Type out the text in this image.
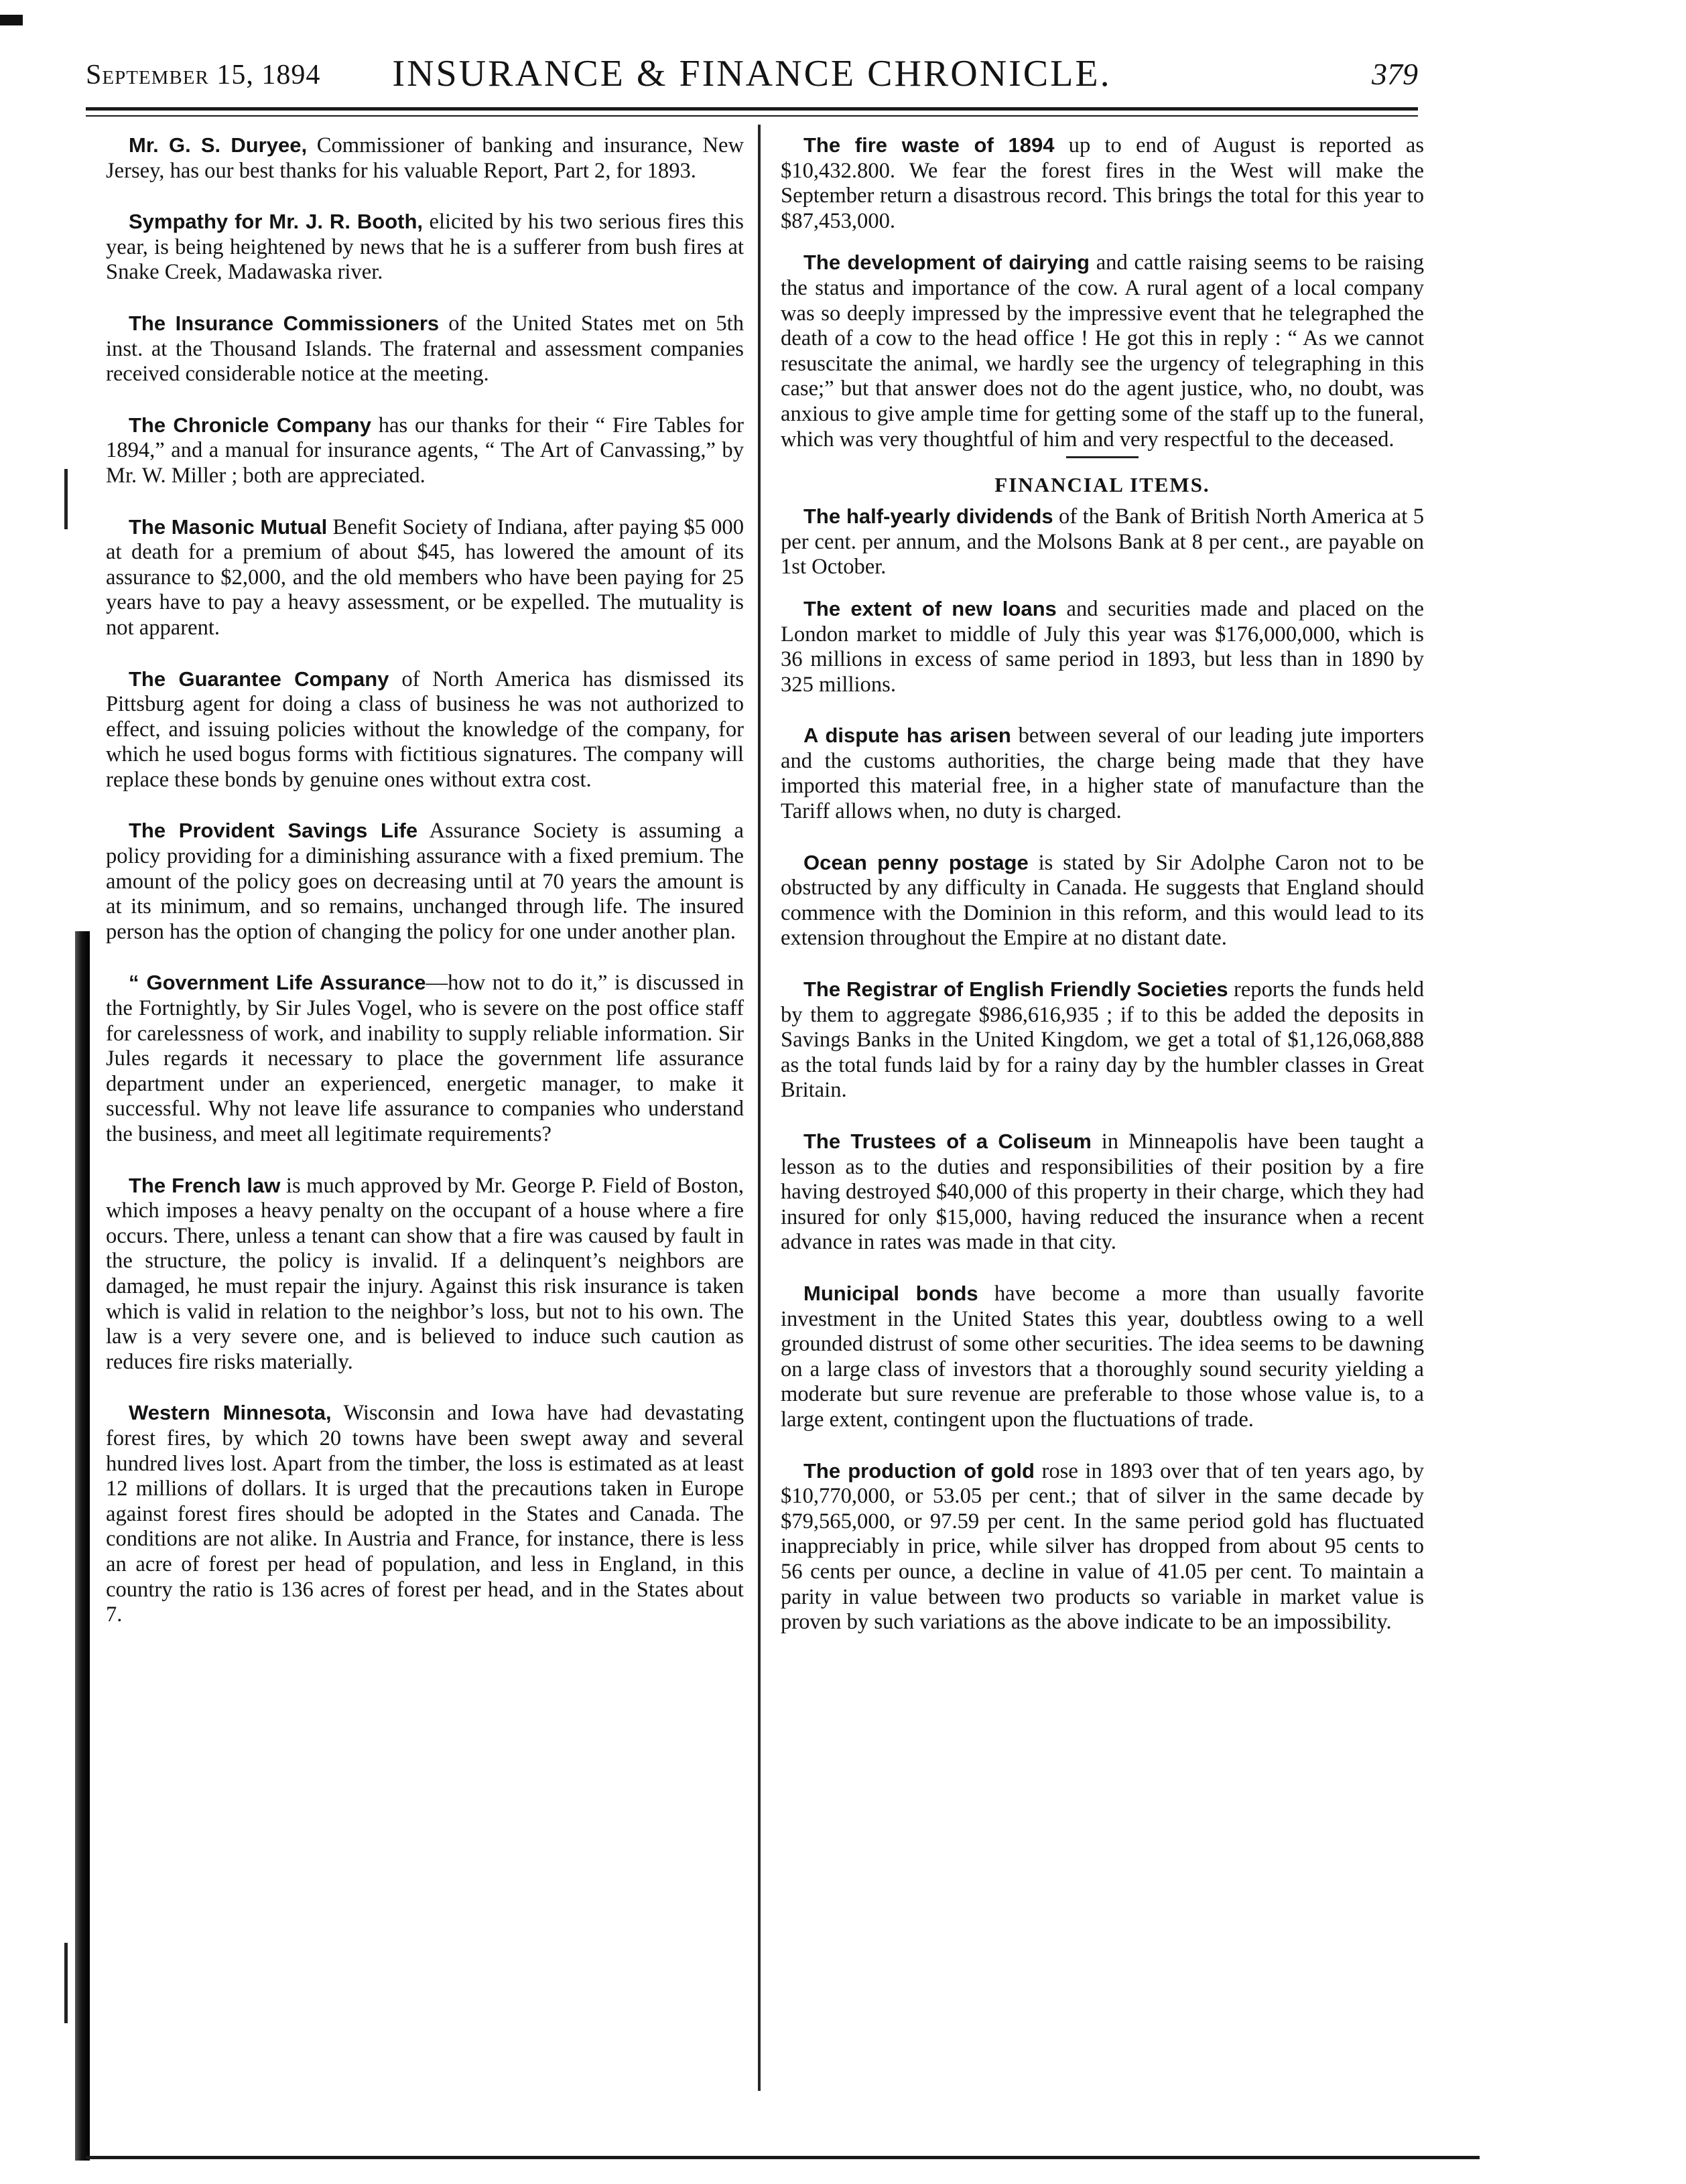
INSURANCE & FINANCE CHRONICLE.
September 15, 1894	379

Mr. G. S. Duryee, Commissioner of banking and insurance, New Jersey, has our best thanks for his valuable Report, Part 2, for 1893.

Sympathy for Mr. J. R. Booth, elicited by his two serious fires this year, is being heightened by news that he is a sufferer from bush fires at Snake Creek, Madawaska river.

The Insurance Commissioners of the United States met on 5th inst. at the Thousand Islands. The fraternal and assessment companies received considerable notice at the meeting.

The Chronicle Company has our thanks for their “ Fire Tables for 1894,” and a manual for insurance agents, “ The Art of Canvassing,” by Mr. W. Miller ; both are appreciated.

The Masonic Mutual Benefit Society of Indiana, after paying $5 000 at death for a premium of about $45, has lowered the amount of its assurance to $2,000, and the old members who have been paying for 25 years have to pay a heavy assessment, or be expelled. The mutuality is not apparent.

The Guarantee Company of North America has dismissed its Pittsburg agent for doing a class of business he was not authorized to effect, and issuing policies without the knowledge of the company, for which he used bogus forms with fictitious signatures. The company will replace these bonds by genuine ones without extra cost.

The Provident Savings Life Assurance Society is assuming a policy providing for a diminishing assurance with a fixed premium. The amount of the policy goes on decreasing until at 70 years the amount is at its minimum, and so remains, unchanged through life. The insured person has the option of changing the policy for one under another plan.

“ Government Life Assurance—how not to do it,” is discussed in the Fortnightly, by Sir Jules Vogel, who is severe on the post office staff for carelessness of work, and inability to supply reliable information. Sir Jules regards it necessary to place the government life assurance department under an experienced, energetic manager, to make it successful. Why not leave life assurance to companies who understand the business, and meet all legitimate requirements?

The French law is much approved by Mr. George P. Field of Boston, which imposes a heavy penalty on the occupant of a house where a fire occurs. There, unless a tenant can show that a fire was caused by fault in the structure, the policy is invalid. If a delinquent’s neighbors are damaged, he must repair the injury. Against this risk insurance is taken which is valid in relation to the neighbor’s loss, but not to his own. The law is a very severe one, and is believed to induce such caution as reduces fire risks materially.

Western Minnesota, Wisconsin and Iowa have had devastating forest fires, by which 20 towns have been swept away and several hundred lives lost. Apart from the timber, the loss is estimated as at least 12 millions of dollars. It is urged that the precautions taken in Europe against forest fires should be adopted in the States and Canada. The conditions are not alike. In Austria and France, for instance, there is less an acre of forest per head of population, and less in England, in this country the ratio is 136 acres of forest per head, and in the States about 7.

The fire waste of 1894 up to end of August is reported as $10,432.800. We fear the forest fires in the West will make the September return a disastrous record. This brings the total for this year to $87,453,000.

The development of dairying and cattle raising seems to be raising the status and importance of the cow. A rural agent of a local company was so deeply impressed by the impressive event that he telegraphed the death of a cow to the head office ! He got this in reply : “ As we cannot resuscitate the animal, we hardly see the urgency of telegraphing in this case;” but that answer does not do the agent justice, who, no doubt, was anxious to give ample time for getting some of the staff up to the funeral, which was very thoughtful of him and very respectful to the deceased.

FINANCIAL ITEMS.

The half-yearly dividends of the Bank of British North America at 5 per cent. per annum, and the Molsons Bank at 8 per cent., are payable on 1st October.

The extent of new loans and securities made and placed on the London market to middle of July this year was $176,000,000, which is 36 millions in excess of same period in 1893, but less than in 1890 by 325 millions.

A dispute has arisen between several of our leading jute importers and the customs authorities, the charge being made that they have imported this material free, in a higher state of manufacture than the Tariff allows when, no duty is charged.

Ocean penny postage is stated by Sir Adolphe Caron not to be obstructed by any difficulty in Canada. He suggests that England should commence with the Dominion in this reform, and this would lead to its extension throughout the Empire at no distant date.

The Registrar of English Friendly Societies reports the funds held by them to aggregate $986,616,935 ; if to this be added the deposits in Savings Banks in the United Kingdom, we get a total of $1,126,068,888 as the total funds laid by for a rainy day by the humbler classes in Great Britain.

The Trustees of a Coliseum in Minneapolis have been taught a lesson as to the duties and responsibilities of their position by a fire having destroyed $40,000 of this property in their charge, which they had insured for only $15,000, having reduced the insurance when a recent advance in rates was made in that city.

Municipal bonds have become a more than usually favorite investment in the United States this year, doubtless owing to a well grounded distrust of some other securities. The idea seems to be dawning on a large class of investors that a thoroughly sound security yielding a moderate but sure revenue are preferable to those whose value is, to a large extent, contingent upon the fluctuations of trade.

The production of gold rose in 1893 over that of ten years ago, by $10,770,000, or 53.05 per cent.; that of silver in the same decade by $79,565,000, or 97.59 per cent. In the same period gold has fluctuated inappreciably in price, while silver has dropped from about 95 cents to 56 cents per ounce, a decline in value of 41.05 per cent. To maintain a parity in value between two products so variable in market value is proven by such variations as the above indicate to be an impossibility.
